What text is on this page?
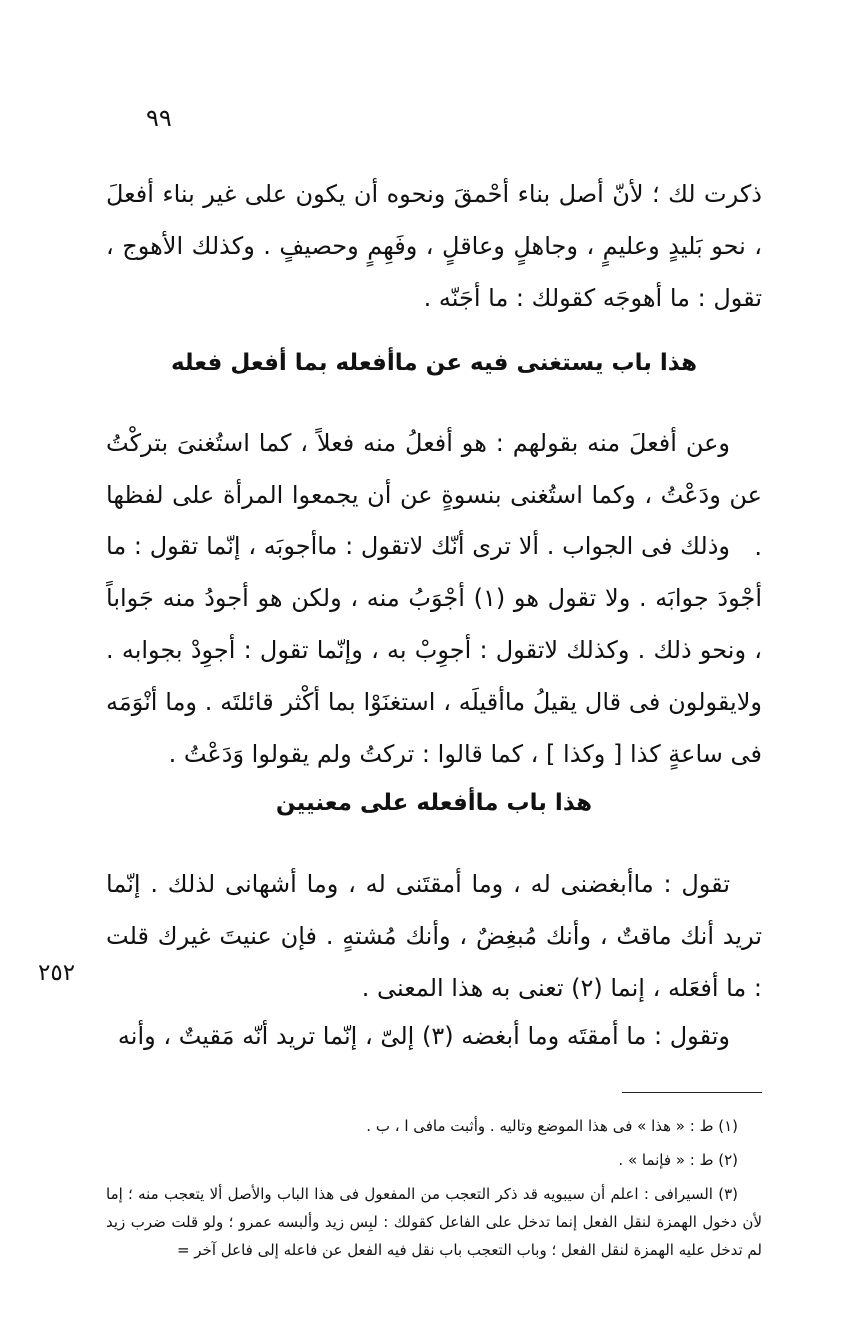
٩٩
٢٥٢
ذكرت لك ؛ لأنّ أصل بناء أحْمقَ ونحوه أن يكون على غير بناء أفعلَ ، نحو بَليدٍ وعليمٍ ، وجاهلٍ وعاقلٍ ، وفَهِمٍ وحصيفٍ . وكذلك الأهوج ، تقول : ما أهوجَه كقولك : ما أجَنّه .
هذا باب يستغنى فيه عن ماأفعله بما أفعل فعله
وعن أفعلَ منه بقولهم : هو أفعلُ منه فعلاً ، كما استُغنىَ بتركْتُ عن ودَعْتُ ، وكما استُغنى بنسوةٍ عن أن يجمعوا المرأة على لفظها .
وذلك فى الجواب . ألا ترى أنّك لاتقول : ماأجوبَه ، إنّما تقول : ما أجْودَ جوابَه . ولا تقول هو (١) أجْوَبُ منه ، ولكن هو أجودُ منه جَواباً ، ونحو ذلك . وكذلك لاتقول : أجوِبْ به ، وإنّما تقول : أجوِدْ بجوابه . ولايقولون فى قال يقيلُ ماأقيلَه ، استغنَوْا بما أكْثر قائلتَه . وما أنْوَمَه فى ساعةٍ كذا [ وكذا ] ، كما قالوا : تركتُ ولم يقولوا وَدَعْتُ .
هذا باب ماأفعله على معنيين
تقول : ماأبغضنى له ، وما أمقتَنى له ، وما أشهانى لذلك . إنّما تريد أنك ماقتٌ ، وأنك مُبغِضٌ ، وأنك مُشتهٍ . فإن عنيتَ غيرك قلت : ما أفعَله ، إنما (٢) تعنى به هذا المعنى .
وتقول : ما أمقتَه وما أبغضه (٣) إلىّ ، إنّما تريد أنّه مَقيتٌ ، وأنه

(١) ط : « هذا » فى هذا الموضع وتاليه . وأثبت مافى ا ، ب .

(٢) ط : « فإنما » .

(٣) السيرافى : اعلم أن سيبويه قد ذكر التعجب من المفعول فى هذا الباب والأصل ألا يتعجب منه ؛ إما لأن دخول الهمزة لنقل الفعل إنما تدخل على الفاعل كقولك : لبِس زيد وألبسه عمرو ؛ ولو قلت ضرب زيد لم تدخل عليه الهمزة لنقل الفعل ؛ وباب التعجب باب نقل فيه الفعل عن فاعله إلى فاعل آخر =
